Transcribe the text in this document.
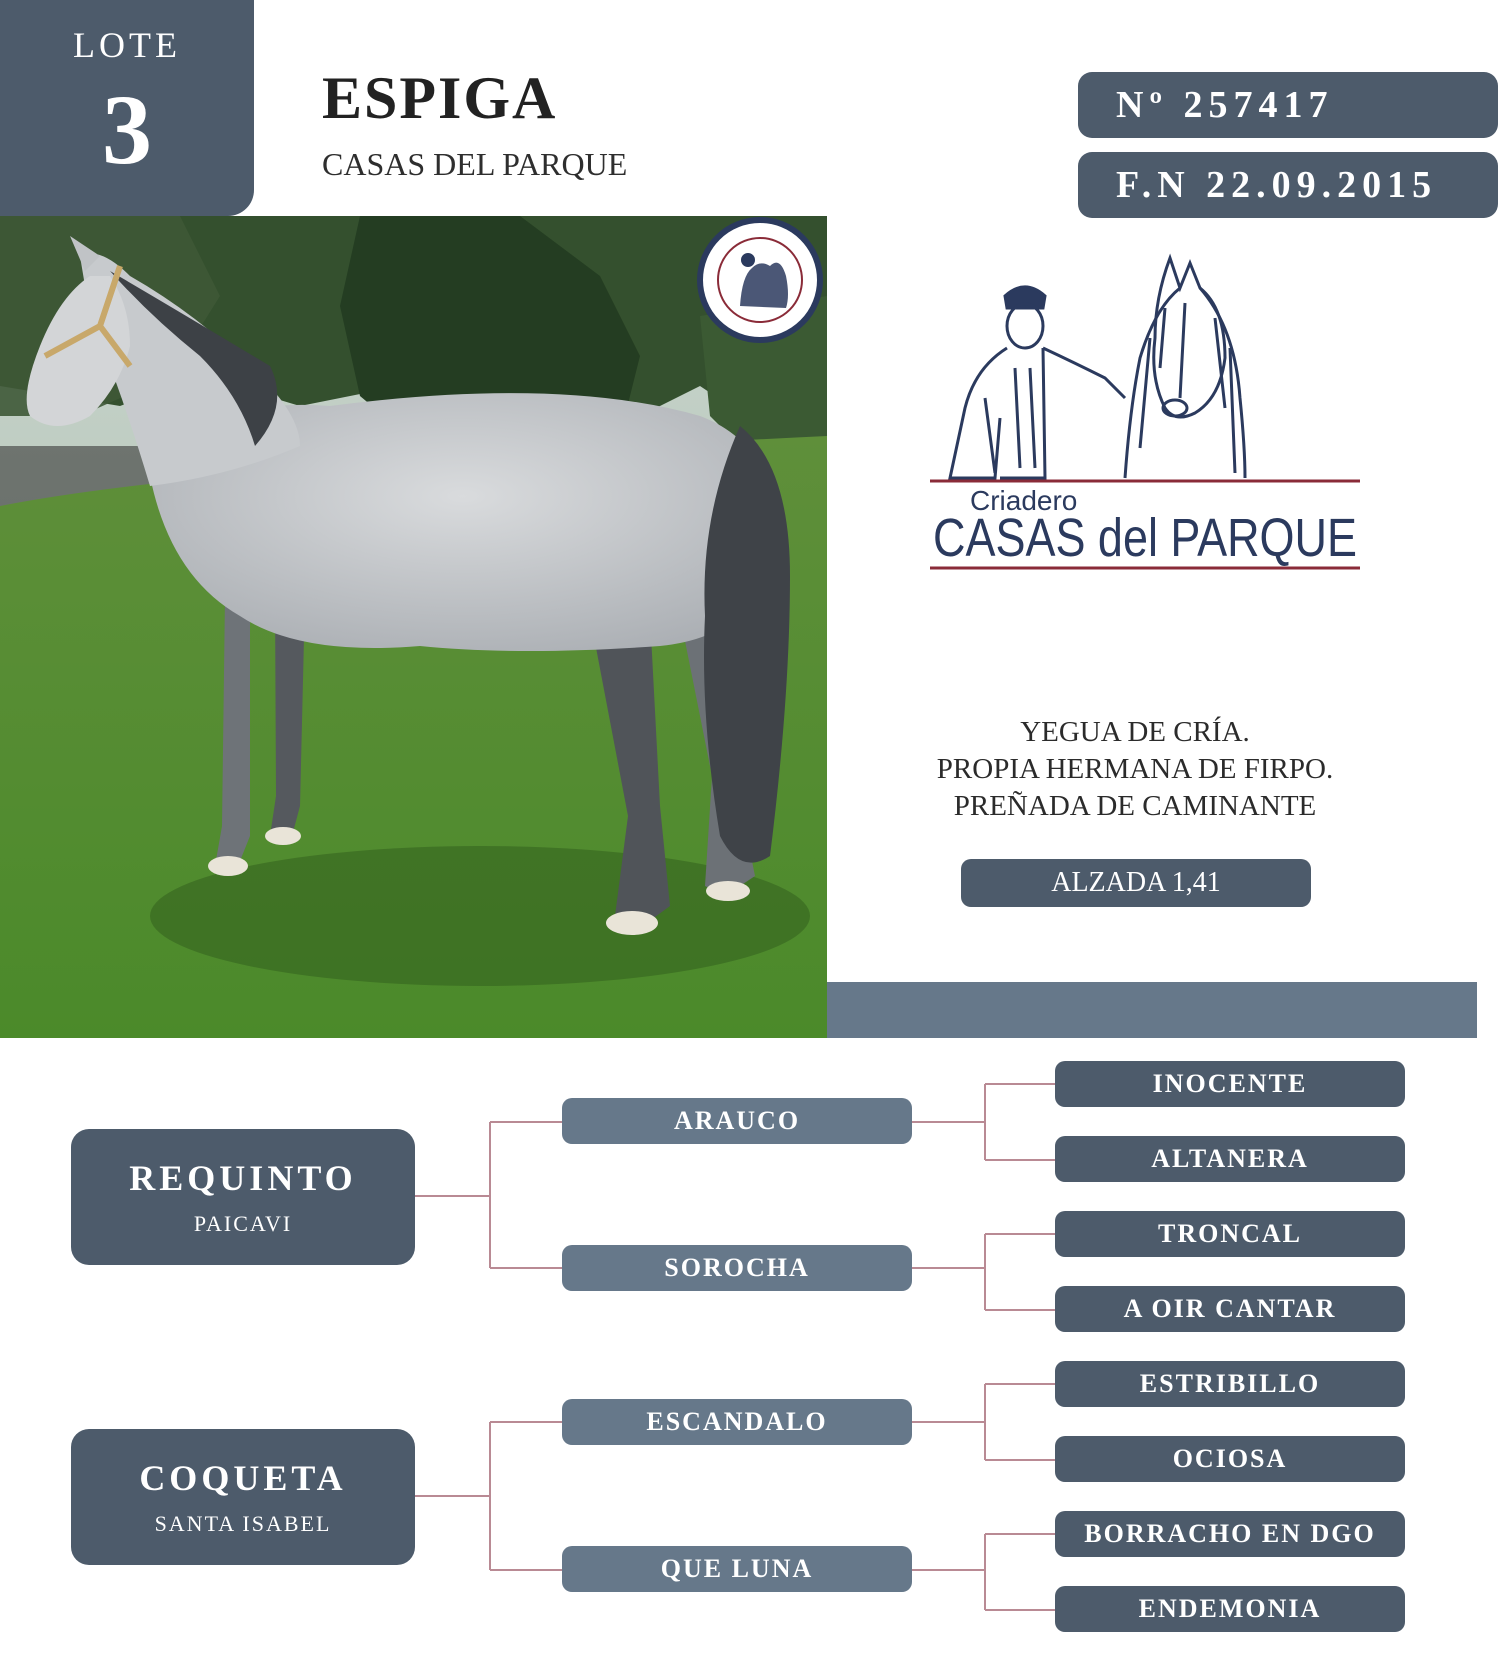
LOTE
3	ESPIGA
CASAS DEL PARQUE
Nº 257417
F.N 22.09.2015
Criadero
CASAS del PARQUE
YEGUA DE CRÍA.
PROPIA HERMANA DE FIRPO.
PREÑADA DE CAMINANTE
ALZADA 1,41
REQUINTO
PAICAVI
COQUETA
SANTA ISABEL
ARAUCO
SOROCHA
ESCANDALO
QUE LUNA
INOCENTE
ALTANERA
TRONCAL
A OIR CANTAR
ESTRIBILLO
OCIOSA
BORRACHO EN DGO
ENDEMONIA
